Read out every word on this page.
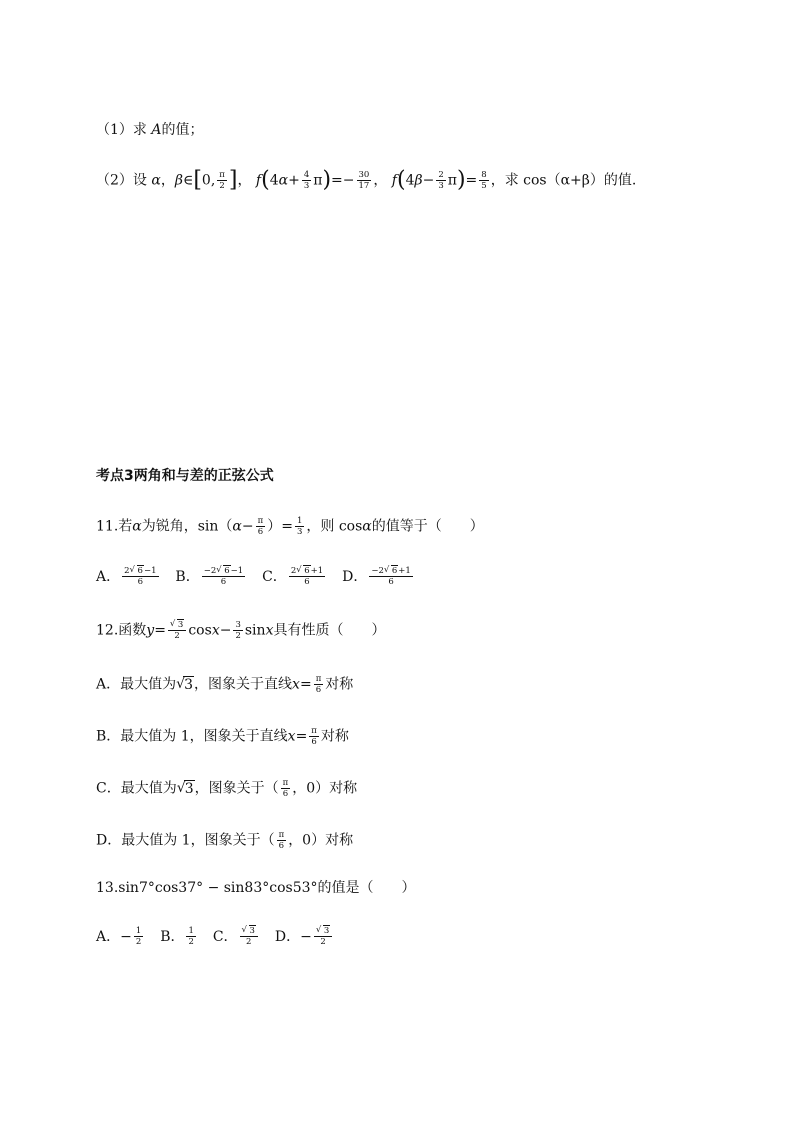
（1）求 A的值；
（2）设 α，β∈[0, $\frac{\pi}{2}$ ]， $f(4\alpha+ \frac{4}{3} \pi)=- \frac{30}{17}$ ， $f(4\beta- \frac{2}{3} \pi)= \frac{8}{5}$ ，求 cos（α+β）的值.
考点3两角和与差的正弦公式
11.若α为锐角，$\sin(\alpha- \frac{\pi}{6}$ ）= $\frac{1}{3}$ ，则 cosα的值等于（　　）
A． $\frac{2 √ 6-1}{6}$ B． $\frac{-2 √ 6-1}{6}$ C． $\frac{2 √ 6+1}{6}$ D． $\frac{-2 √ 6+1}{6}$
12.函数y= √ $\frac{3}{2} \cos x- \frac{3}{2}$ sinx具有性质（　　）
A．最大值为 √ 3，图象关于直线$x= \frac{\pi}{6}$ 对称
B．最大值为 1，图象关于直线$x= \frac{\pi}{6}$ 对称
C．最大值为 √ 3，图象关于（ $\frac{\pi}{6}$ ，0）对称
D．最大值为 1，图象关于（ $\frac{\pi}{6}$ ，0）对称
13.sin7°cos37° − sin83°cos53°的值是（　　）
A．− $\frac{1}{2}$ B． $\frac{1}{2}$ C． √ $\frac{3}{2}$ D．− √ $\frac{3}{2}$
